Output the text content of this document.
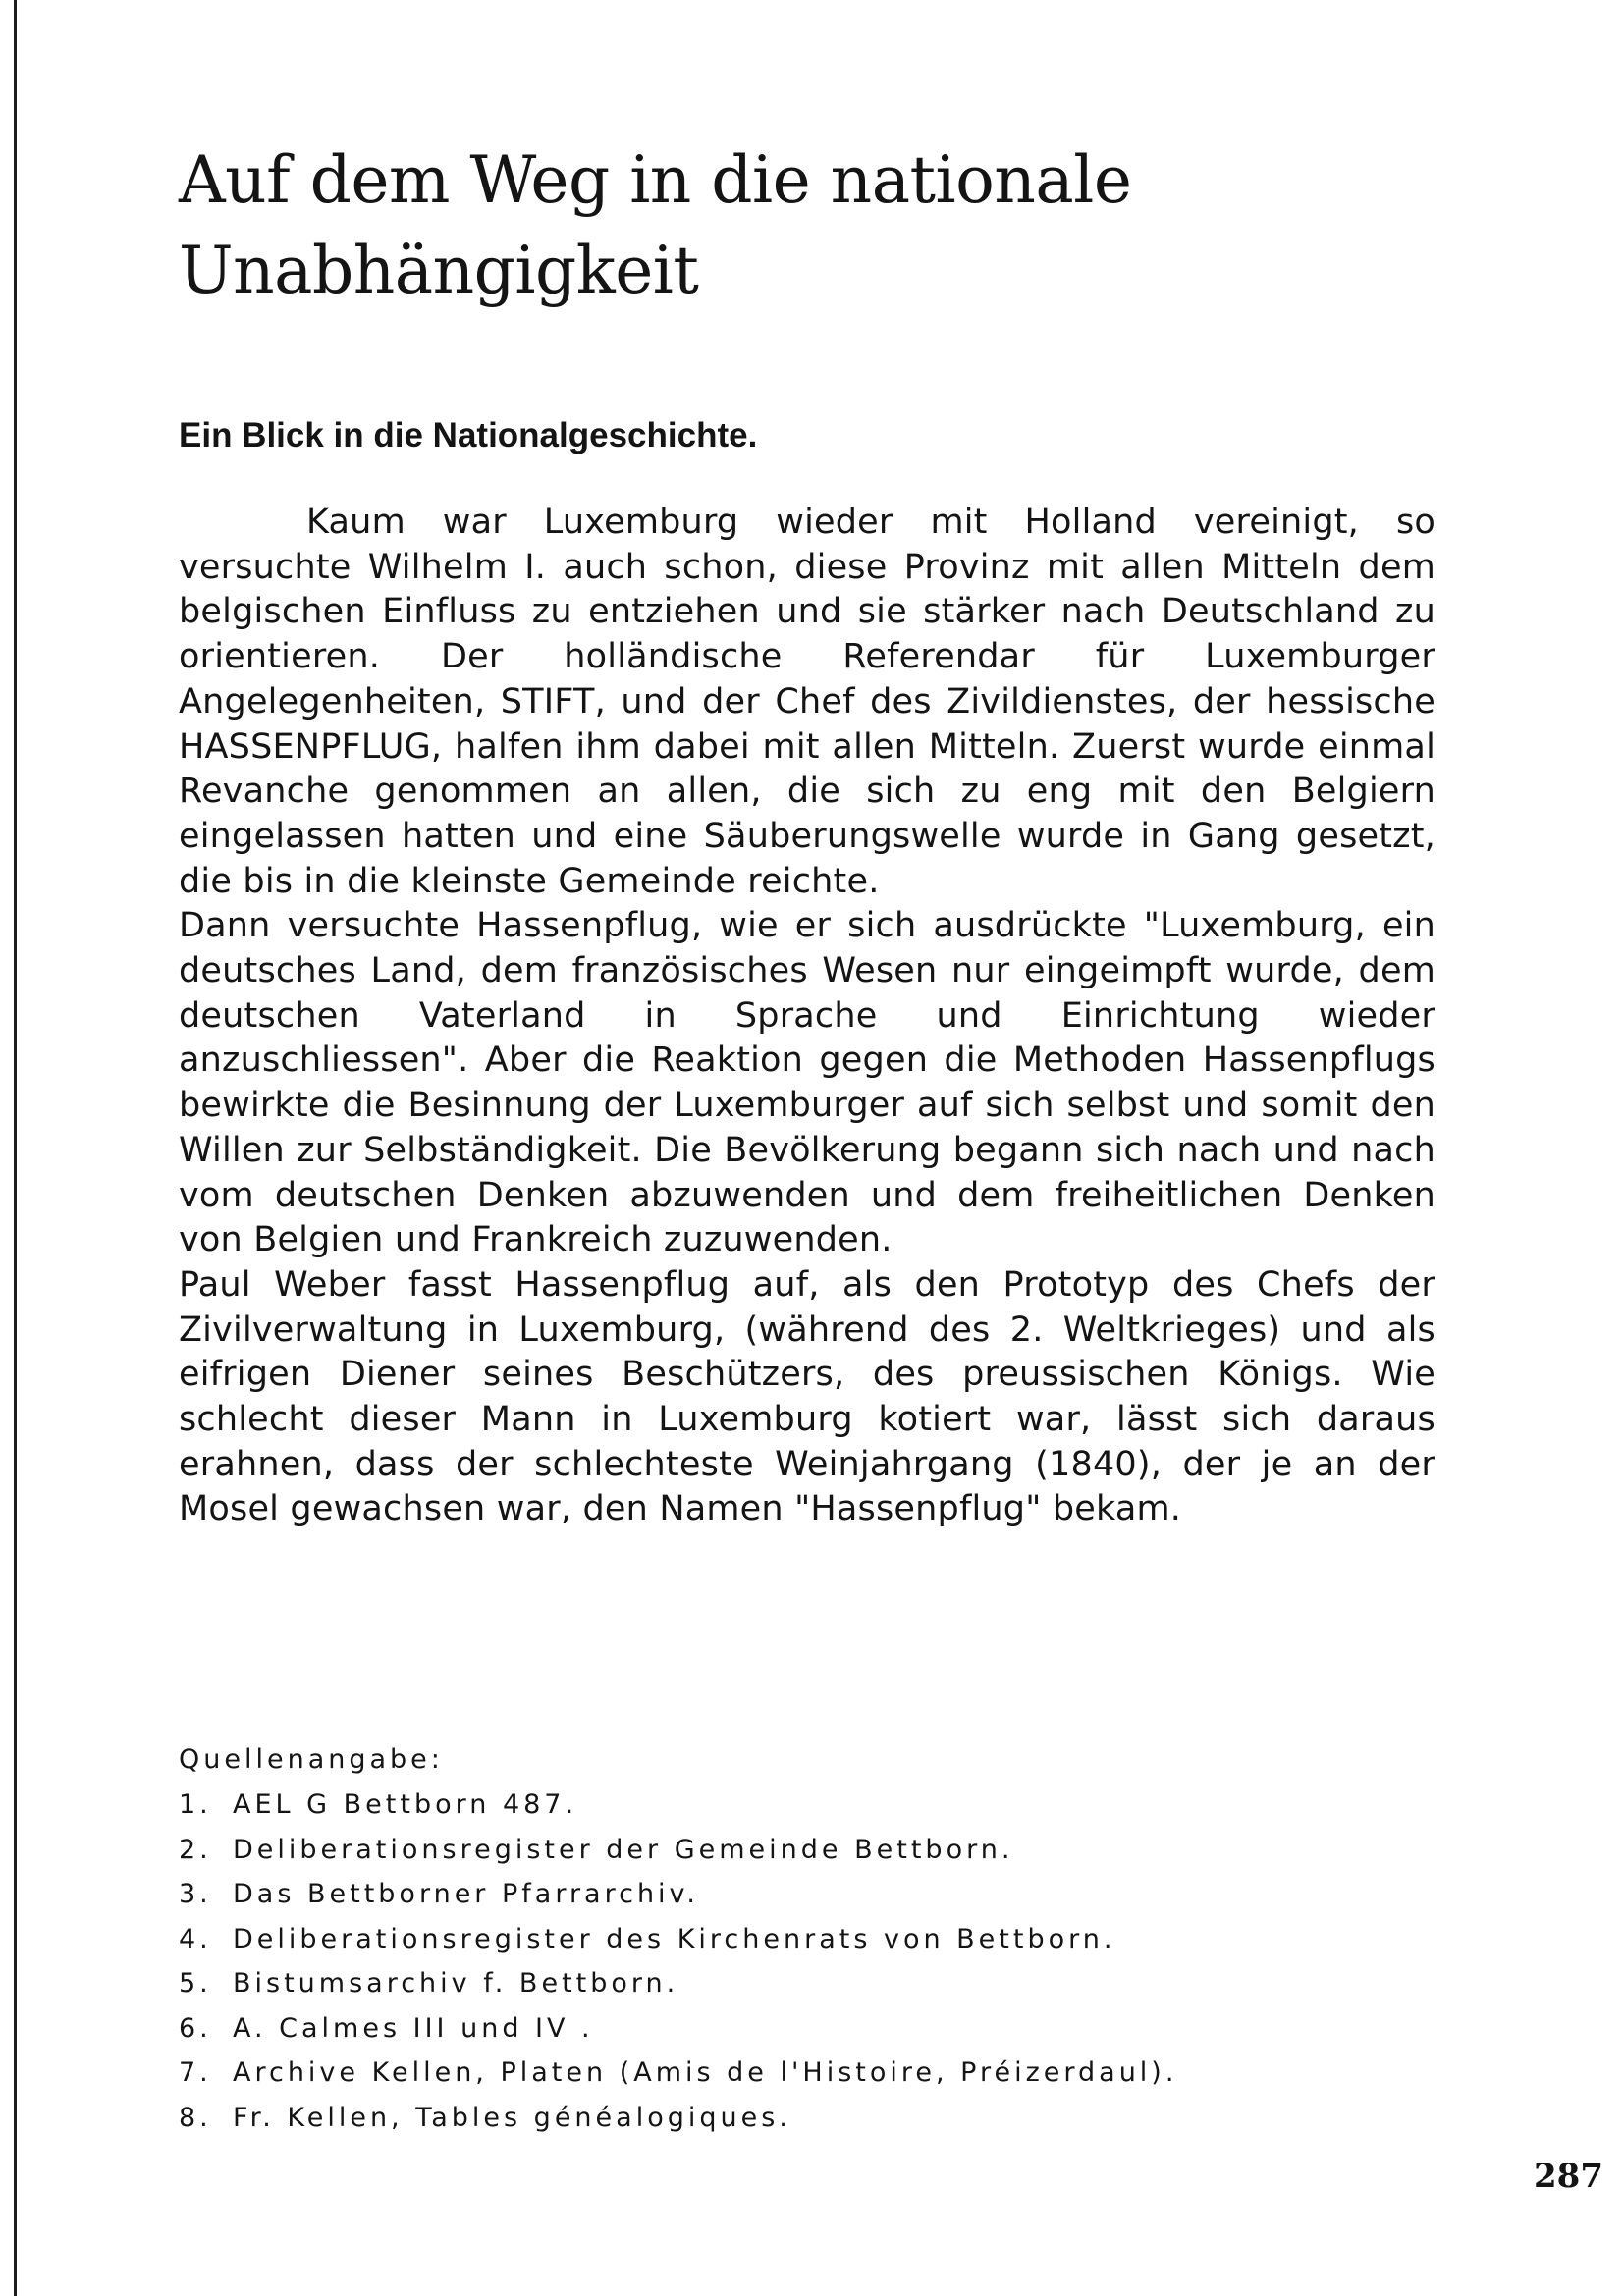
Auf dem Weg in die nationale
Unabhängigkeit
Ein Blick in die Nationalgeschichte.

Kaum war Luxemburg wieder mit Holland vereinigt, so versuchte Wilhelm I. auch schon, diese Provinz mit allen Mitteln dem belgischen Einfluss zu entziehen und sie stärker nach Deutschland zu orientieren. Der holländische Referendar für Luxemburger Angelegenheiten, STIFT, und der Chef des Zivildienstes, der hessische HASSENPFLUG, halfen ihm dabei mit allen Mitteln. Zuerst wurde einmal Revanche genommen an allen, die sich zu eng mit den Belgiern eingelassen hatten und eine Säuberungswelle wurde in Gang gesetzt, die bis in die kleinste Gemeinde reichte.

Dann versuchte Hassenpflug, wie er sich ausdrückte "Luxemburg, ein deutsches Land, dem französisches Wesen nur eingeimpft wurde, dem deutschen Vaterland in Sprache und Einrichtung wieder anzuschliessen". Aber die Reaktion gegen die Methoden Hassenpflugs bewirkte die Besinnung der Luxemburger auf sich selbst und somit den Willen zur Selbständigkeit. Die Bevölkerung begann sich nach und nach vom deutschen Denken abzuwenden und dem freiheitlichen Denken von Belgien und Frankreich zuzuwenden.

Paul Weber fasst Hassenpflug auf, als den Prototyp des Chefs der Zivilverwaltung in Luxemburg, (während des 2. Weltkrieges) und als eifrigen Diener seines Beschützers, des preussischen Königs. Wie schlecht dieser Mann in Luxemburg kotiert war, lässt sich daraus erahnen, dass der schlechteste Weinjahrgang (1840), der je an der Mosel gewachsen war, den Namen "Hassenpflug" bekam.

Quellenangabe:

1. AEL G Bettborn 487.
2. Deliberationsregister der Gemeinde Bettborn.
3. Das Bettborner Pfarrarchiv.
4. Deliberationsregister des Kirchenrats von Bettborn.
5. Bistumsarchiv f. Bettborn.
6. A. Calmes III und IV .
7. Archive Kellen, Platen (Amis de l'Histoire, Préizerdaul).
8. Fr. Kellen, Tables généalogiques.
287
